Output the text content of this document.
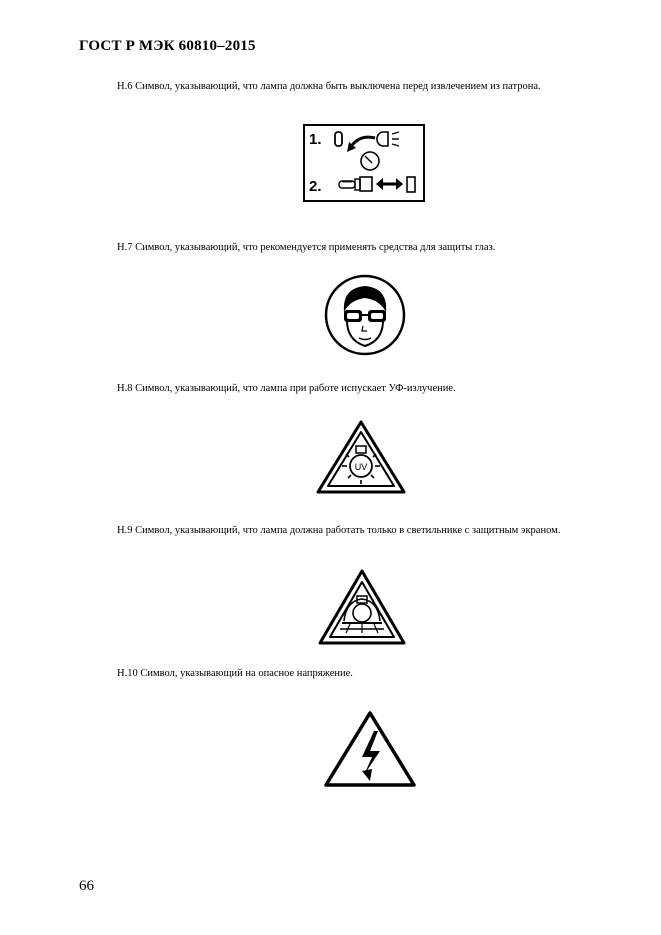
ГОСТ Р МЭК 60810–2015
Н.6 Символ, указывающий, что лампа должна быть выключена перед извлечением из патрона.
1.
2.
Н.7 Символ, указывающий, что рекомендуется применять средства для защиты глаз.
Н.8 Символ, указывающий, что лампа при работе испускает УФ-излучение.
UV
Н.9 Символ, указывающий, что лампа должна работать только в светильнике с защитным экраном.
Н.10 Символ, указывающий на опасное напряжение.
66
